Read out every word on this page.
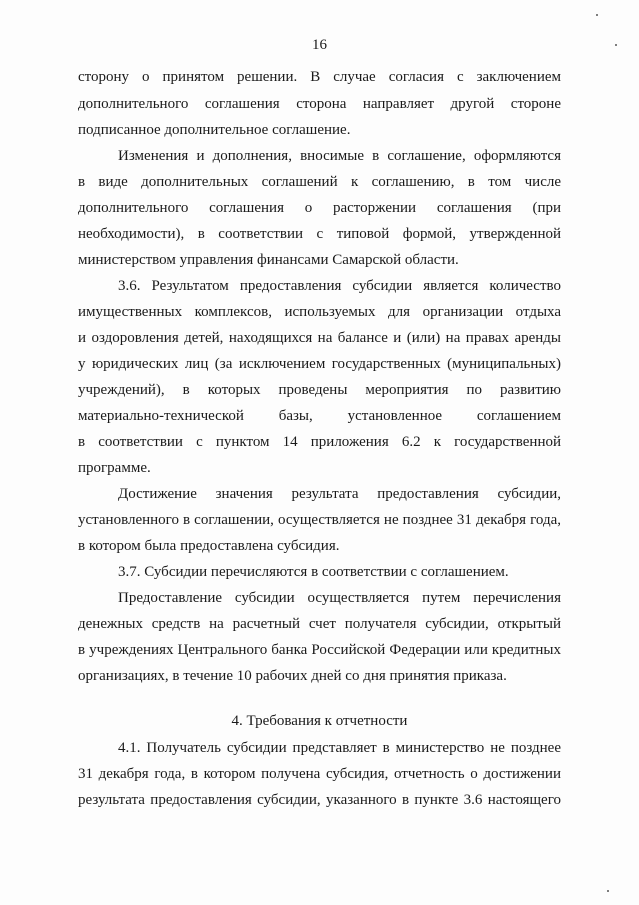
16
сторону о принятом решении. В случае согласия с заключением
дополнительного соглашения сторона направляет другой стороне
подписанное дополнительное соглашение.
Изменения и дополнения, вносимые в соглашение, оформляются
в виде дополнительных соглашений к соглашению, в том числе
дополнительного соглашения о расторжении соглашения (при
необходимости), в соответствии с типовой формой, утвержденной
министерством управления финансами Самарской области.
3.6. Результатом предоставления субсидии является количество
имущественных комплексов, используемых для организации отдыха
и оздоровления детей, находящихся на балансе и (или) на правах аренды
у юридических лиц (за исключением государственных (муниципальных)
учреждений), в которых проведены мероприятия по развитию
материально-технической базы, установленное соглашением
в соответствии с пунктом 14 приложения 6.2 к государственной
программе.
Достижение значения результата предоставления субсидии,
установленного в соглашении, осуществляется не позднее 31 декабря года,
в котором была предоставлена субсидия.
3.7. Субсидии перечисляются в соответствии с соглашением.
Предоставление субсидии осуществляется путем перечисления
денежных средств на расчетный счет получателя субсидии, открытый
в учреждениях Центрального банка Российской Федерации или кредитных
организациях, в течение 10 рабочих дней со дня принятия приказа.
4. Требования к отчетности
4.1. Получатель субсидии представляет в министерство не позднее
31 декабря года, в котором получена субсидия, отчетность о достижении
результата предоставления субсидии, указанного в пункте 3.6 настоящего
